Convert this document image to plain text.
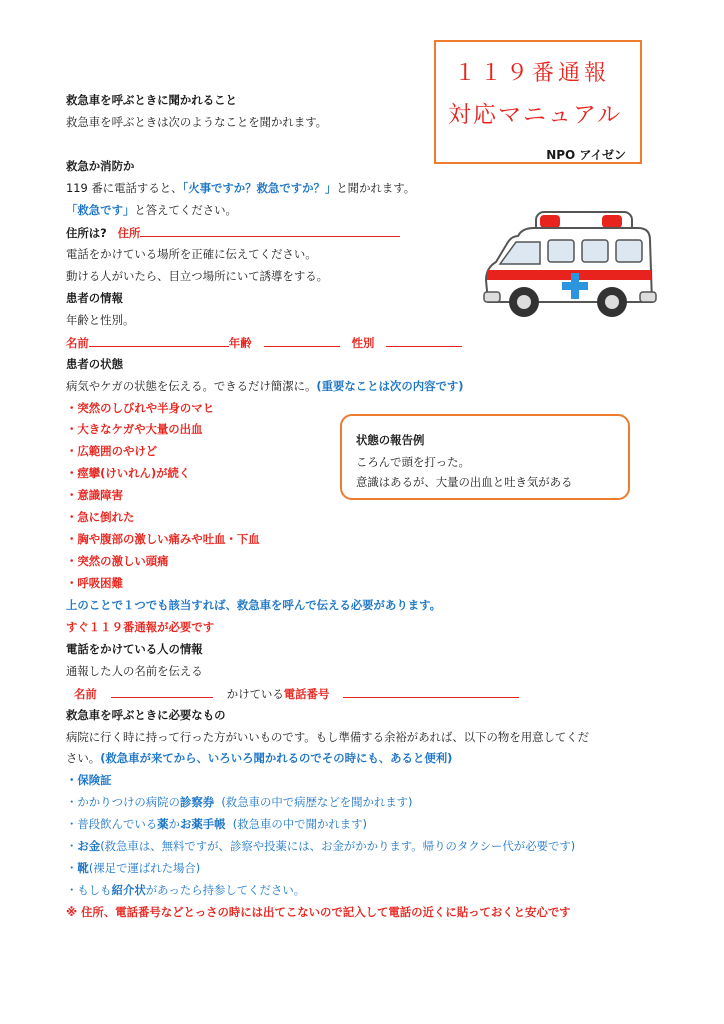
１１９番通報
対応マニュアル
NPO アイゼン
救急車を呼ぶときに聞かれること
救急車を呼ぶときは次のようなことを聞かれます。
救急か消防か
119 番に電話すると、「火事ですか？救急ですか？」と聞かれます。
「救急です」と答えてください。
住所は? 住所
電話をかけている場所を正確に伝えてください。
動ける人がいたら、目立つ場所にいて誘導をする。
患者の情報
年齢と性別。
名前	年齢	性別
患者の状態
病気やケガの状態を伝える。できるだけ簡潔に。(重要なことは次の内容です)
・突然のしびれや半身のマヒ
・大きなケガや大量の出血
・広範囲のやけど
・痙攣(けいれん)が続く
・意識障害
・急に倒れた
・胸や腹部の激しい痛みや吐血・下血
・突然の激しい頭痛
・呼吸困難
上のことで１つでも該当すれば、救急車を呼んで伝える必要があります。
すぐ１１９番通報が必要です
状態の報告例
ころんで頭を打った。
意識はあるが、大量の出血と吐き気がある
電話をかけている人の情報
通報した人の名前を伝える
名前	かけている電話番号
救急車を呼ぶときに必要なもの
病院に行く時に持って行った方がいいものです。もし準備する余裕があれば、以下の物を用意してくだ
さい。(救急車が来てから、いろいろ聞かれるのでその時にも、あると便利)
・保険証
・かかりつけの病院の診察券 (救急車の中で病歴などを聞かれます)
・普段飲んでいる薬かお薬手帳 (救急車の中で聞かれます)
・お金(救急車は、無料ですが、診察や投薬には、お金がかかります。帰りのタクシー代が必要です)
・靴(裸足で運ばれた場合)
・もしも紹介状があったら持参してください。
※ 住所、電話番号などとっさの時には出てこないので記入して電話の近くに貼っておくと安心です
